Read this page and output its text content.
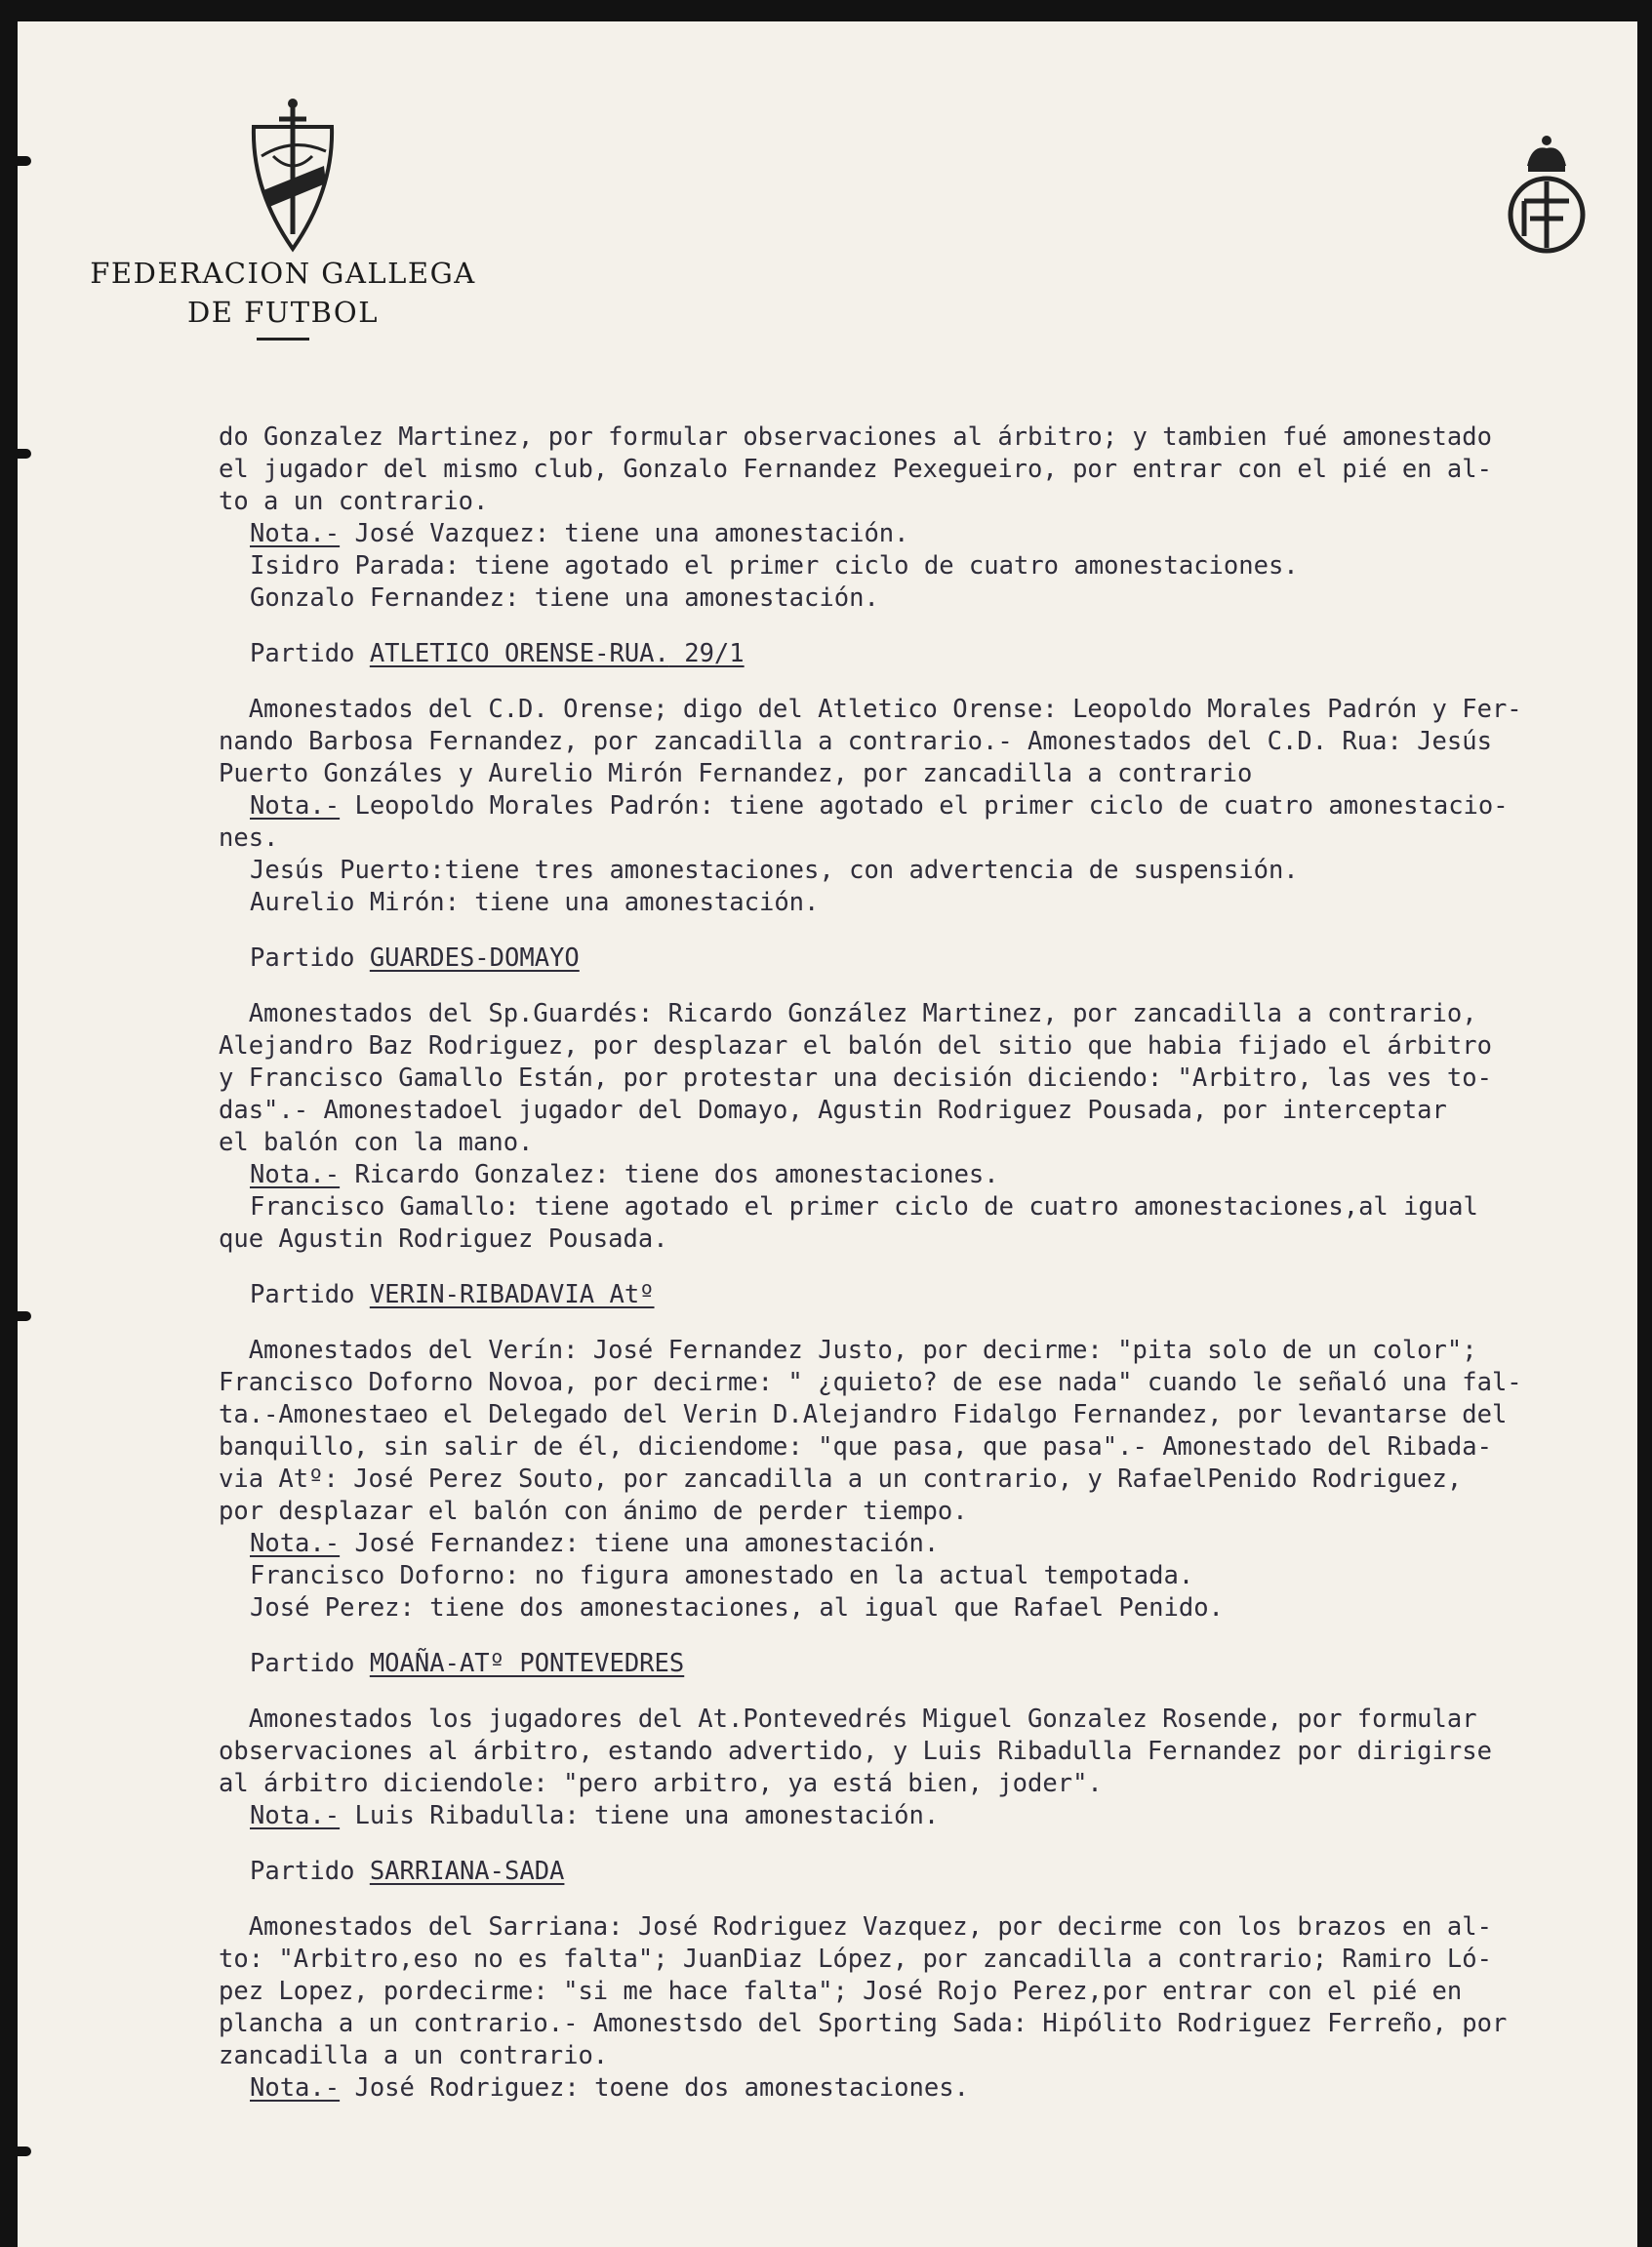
FEDERACION GALLEGA
DE FUTBOL
do Gonzalez Martinez, por formular observaciones al árbitro; y tambien fué amonestado
el jugador del mismo club, Gonzalo Fernandez Pexegueiro, por entrar con el pié en al-
to a un contrario.
Nota.- José Vazquez: tiene una amonestación.
Isidro Parada: tiene agotado el primer ciclo de cuatro amonestaciones.
Gonzalo Fernandez: tiene una amonestación.
Partido ATLETICO ORENSE-RUA. 29/1
Amonestados del C.D. Orense; digo del Atletico Orense: Leopoldo Morales Padrón y Fer-
nando Barbosa Fernandez, por zancadilla a contrario.- Amonestados del C.D. Rua: Jesús
Puerto Gonzáles y Aurelio Mirón Fernandez, por zancadilla a contrario
Nota.- Leopoldo Morales Padrón: tiene agotado el primer ciclo de cuatro amonestacio-
nes.
Jesús Puerto:tiene tres amonestaciones, con advertencia de suspensión.
Aurelio Mirón: tiene una amonestación.
Partido GUARDES-DOMAYO
Amonestados del Sp.Guardés: Ricardo González Martinez, por zancadilla a contrario,
Alejandro Baz Rodriguez, por desplazar el balón del sitio que habia fijado el árbitro
y Francisco Gamallo Están, por protestar una decisión diciendo: "Arbitro, las ves to-
das".- Amonestadoel jugador del Domayo, Agustin Rodriguez Pousada, por interceptar
el balón con la mano.
Nota.- Ricardo Gonzalez: tiene dos amonestaciones.
Francisco Gamallo: tiene agotado el primer ciclo de cuatro amonestaciones,al igual
que Agustin Rodriguez Pousada.
Partido VERIN-RIBADAVIA Atº
Amonestados del Verín: José Fernandez Justo, por decirme: "pita solo de un color";
Francisco Doforno Novoa, por decirme: " ¿quieto? de ese nada" cuando le señaló una fal-
ta.-Amonestaeo el Delegado del Verin D.Alejandro Fidalgo Fernandez, por levantarse del
banquillo, sin salir de él, diciendome: "que pasa, que pasa".- Amonestado del Ribada-
via Atº: José Perez Souto, por zancadilla a un contrario, y RafaelPenido Rodriguez,
por desplazar el balón con ánimo de perder tiempo.
Nota.- José Fernandez: tiene una amonestación.
Francisco Doforno: no figura amonestado en la actual tempotada.
José Perez: tiene dos amonestaciones, al igual que Rafael Penido.
Partido MOAÑA-ATº PONTEVEDRES
Amonestados los jugadores del At.Pontevedrés Miguel Gonzalez Rosende, por formular
observaciones al árbitro, estando advertido, y Luis Ribadulla Fernandez por dirigirse
al árbitro diciendole: "pero arbitro, ya está bien, joder".
Nota.- Luis Ribadulla: tiene una amonestación.
Partido SARRIANA-SADA
Amonestados del Sarriana: José Rodriguez Vazquez, por decirme con los brazos en al-
to: "Arbitro,eso no es falta"; JuanDiaz López, por zancadilla a contrario; Ramiro Ló-
pez Lopez, pordecirme: "si me hace falta"; José Rojo Perez,por entrar con el pié en
plancha a un contrario.- Amonestsdo del Sporting Sada: Hipólito Rodriguez Ferreño, por
zancadilla a un contrario.
Nota.- José Rodriguez: toene dos amonestaciones.
